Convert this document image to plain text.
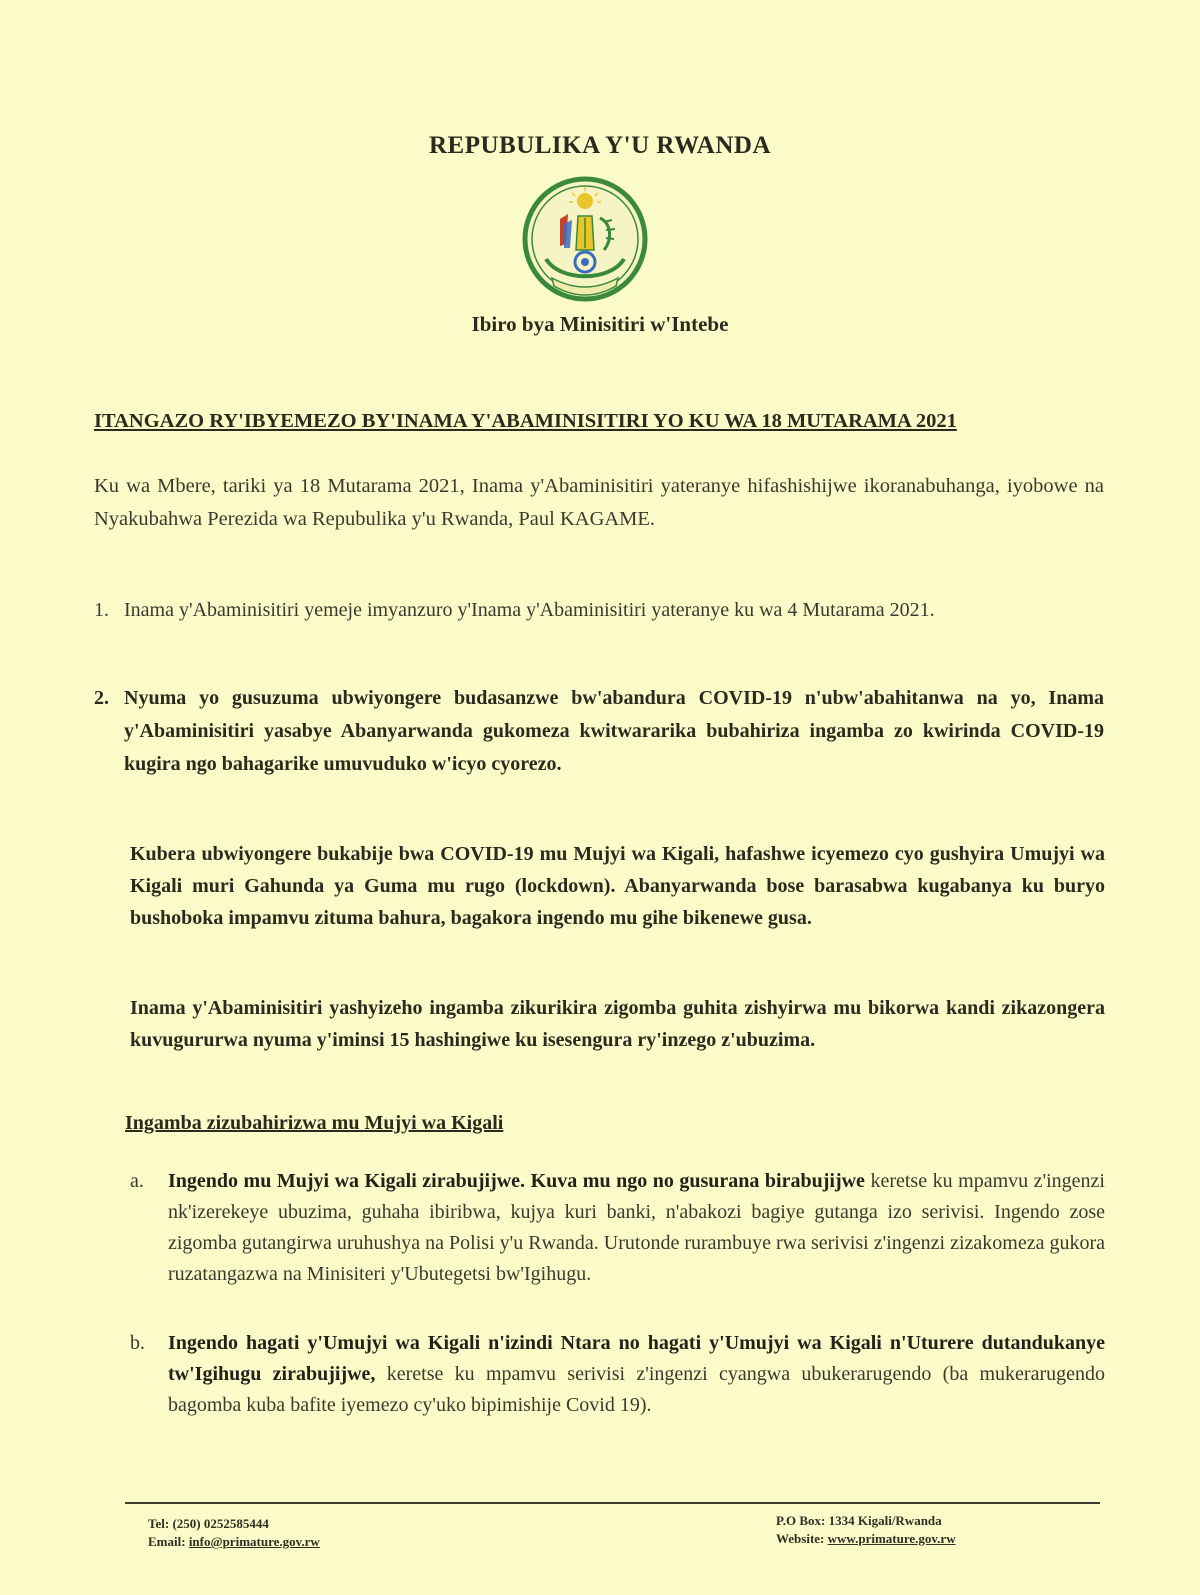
REPUBULIKA Y'U RWANDA
Ibiro bya Minisitiri w'Intebe
ITANGAZO RY'IBYEMEZO BY'INAMA Y'ABAMINISITIRI YO KU WA 18 MUTARAMA 2021
Ku wa Mbere, tariki ya 18 Mutarama 2021, Inama y'Abaminisitiri yateranye hifashishijwe ikoranabuhanga, iyobowe na Nyakubahwa Perezida wa Repubulika y'u Rwanda, Paul KAGAME.
1. Inama y'Abaminisitiri yemeje imyanzuro y'Inama y'Abaminisitiri yateranye ku wa 4 Mutarama 2021.
2. Nyuma yo gusuzuma ubwiyongere budasanzwe bw'abandura COVID-19 n'ubw'abahitanwa na yo, Inama y'Abaminisitiri yasabye Abanyarwanda gukomeza kwitwararika bubahiriza ingamba zo kwirinda COVID-19 kugira ngo bahagarike umuvuduko w'icyo cyorezo.
Kubera ubwiyongere bukabije bwa COVID-19 mu Mujyi wa Kigali, hafashwe icyemezo cyo gushyira Umujyi wa Kigali muri Gahunda ya Guma mu rugo (lockdown). Abanyarwanda bose barasabwa kugabanya ku buryo bushoboka impamvu zituma bahura, bagakora ingendo mu gihe bikenewe gusa.
Inama y'Abaminisitiri yashyizeho ingamba zikurikira zigomba guhita zishyirwa mu bikorwa kandi zikazongera kuvugururwa nyuma y'iminsi 15 hashingiwe ku isesengura ry'inzego z'ubuzima.
Ingamba zizubahirizwa mu Mujyi wa Kigali
a. Ingendo mu Mujyi wa Kigali zirabujijwe. Kuva mu ngo no gusurana birabujijwe keretse ku mpamvu z'ingenzi nk'izerekeye ubuzima, guhaha ibiribwa, kujya kuri banki, n'abakozi bagiye gutanga izo serivisi. Ingendo zose zigomba gutangirwa uruhushya na Polisi y'u Rwanda. Urutonde rurambuye rwa serivisi z'ingenzi zizakomeza gukora ruzatangazwa na Minisiteri y'Ubutegetsi bw'Igihugu.
b. Ingendo hagati y'Umujyi wa Kigali n'izindi Ntara no hagati y'Umujyi wa Kigali n'Uturere dutandukanye tw'Igihugu zirabujijwe, keretse ku mpamvu serivisi z'ingenzi cyangwa ubukerarugendo (ba mukerarugendo bagomba kuba bafite iyemezo cy'uko bipimishije Covid 19).
Tel: (250) 0252585444
Email: info@primature.gov.rw
P.O Box: 1334 Kigali/Rwanda
Website: www.primature.gov.rw
